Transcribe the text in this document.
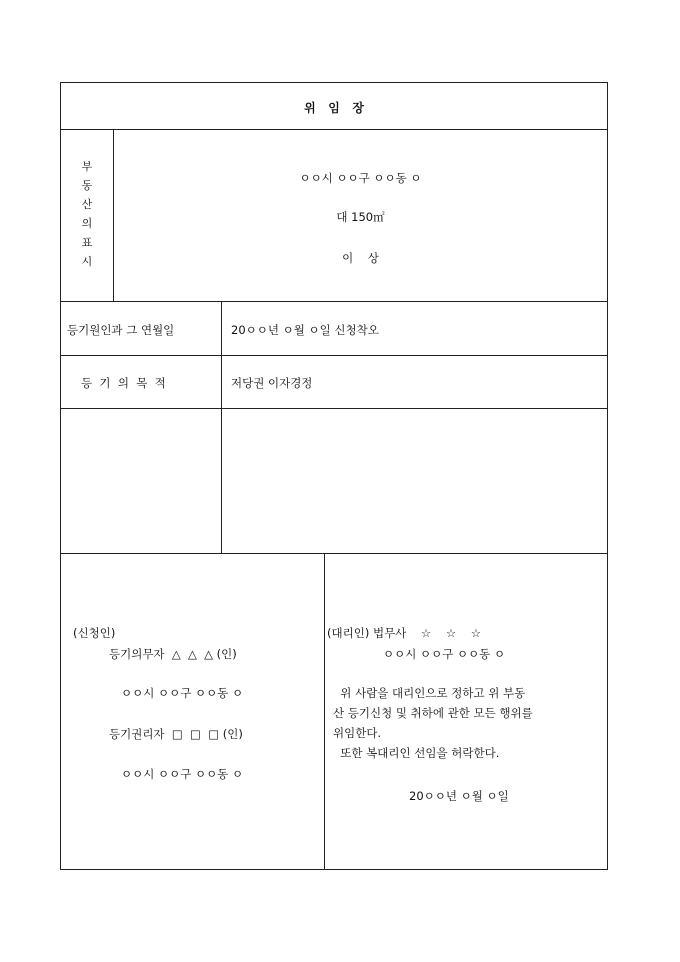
위   임   장
부
동
산
의
표
시
ㅇㅇ시 ㅇㅇ구 ㅇㅇ동 ㅇ
대 150㎡
이    상
등기원인과 그 연월일	20ㅇㅇ년 ㅇ월 ㅇ일 신청착오
등  기  의  목  적	저당권 이자경정
(신청인)
등기의무자  △  △  △ (인)
ㅇㅇ시 ㅇㅇ구 ㅇㅇ동 ㅇ
등기권리자  □  □  □ (인)
ㅇㅇ시 ㅇㅇ구 ㅇㅇ동 ㅇ
(대리인) 법무사    ☆    ☆    ☆
ㅇㅇ시 ㅇㅇ구 ㅇㅇ동 ㅇ
위 사람을 대리인으로 정하고 위 부동
산 등기신청 및 취하에 관한 모든 행위를
위임한다.
또한 복대리인 선임을 허락한다.
20ㅇㅇ년 ㅇ월 ㅇ일
